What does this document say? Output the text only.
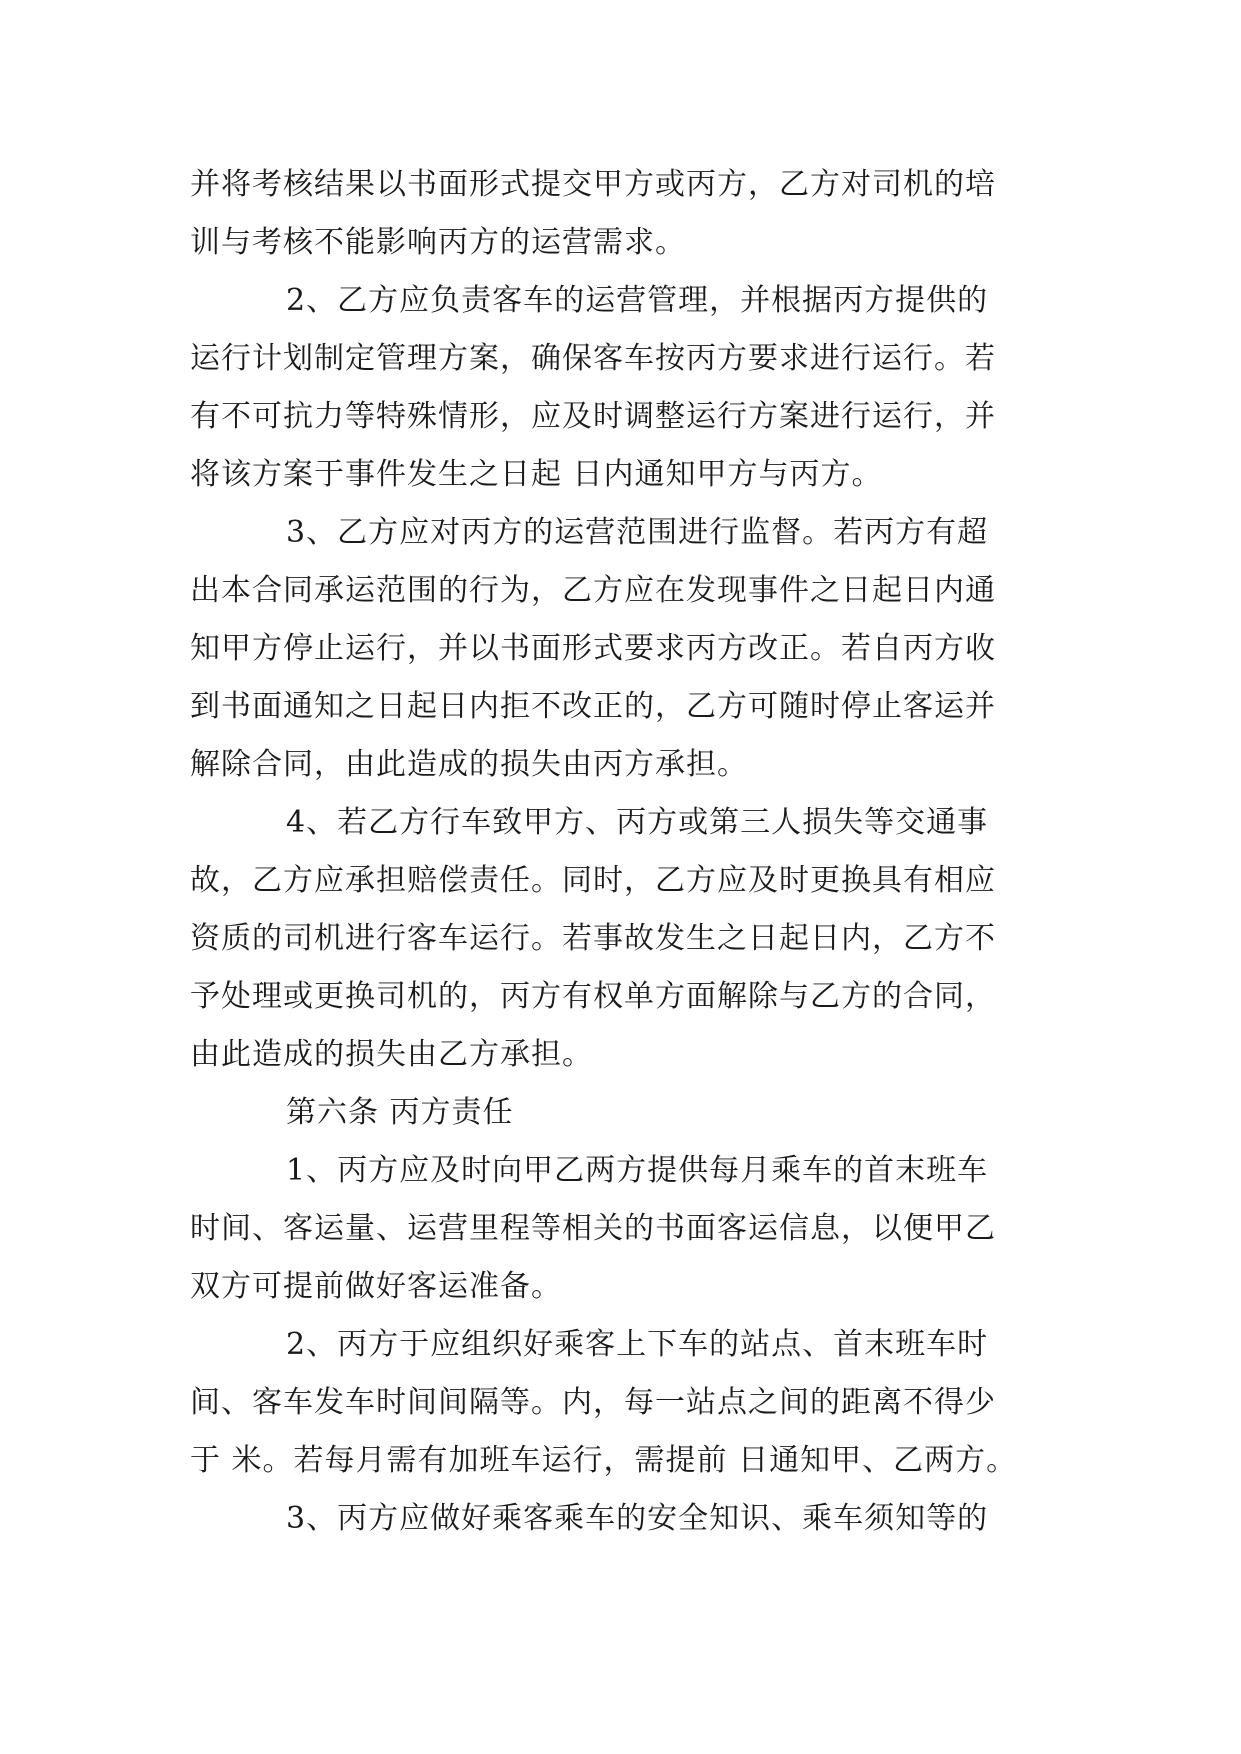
并将考核结果以书面形式提交甲方或丙方，乙方对司机的培
训与考核不能影响丙方的运营需求。
2、乙方应负责客车的运营管理，并根据丙方提供的
运行计划制定管理方案，确保客车按丙方要求进行运行。若
有不可抗力等特殊情形，应及时调整运行方案进行运行，并
将该方案于事件发生之日起 日内通知甲方与丙方。
3、乙方应对丙方的运营范围进行监督。若丙方有超
出本合同承运范围的行为，乙方应在发现事件之日起日内通
知甲方停止运行，并以书面形式要求丙方改正。若自丙方收
到书面通知之日起日内拒不改正的，乙方可随时停止客运并
解除合同，由此造成的损失由丙方承担。
4、若乙方行车致甲方、丙方或第三人损失等交通事
故，乙方应承担赔偿责任。同时，乙方应及时更换具有相应
资质的司机进行客车运行。若事故发生之日起日内，乙方不
予处理或更换司机的，丙方有权单方面解除与乙方的合同，
由此造成的损失由乙方承担。
第六条 丙方责任
1、丙方应及时向甲乙两方提供每月乘车的首末班车
时间、客运量、运营里程等相关的书面客运信息，以便甲乙
双方可提前做好客运准备。
2、丙方于应组织好乘客上下车的站点、首末班车时
间、客车发车时间间隔等。内，每一站点之间的距离不得少
于 米。若每月需有加班车运行，需提前 日通知甲、乙两方。
3、丙方应做好乘客乘车的安全知识、乘车须知等的
